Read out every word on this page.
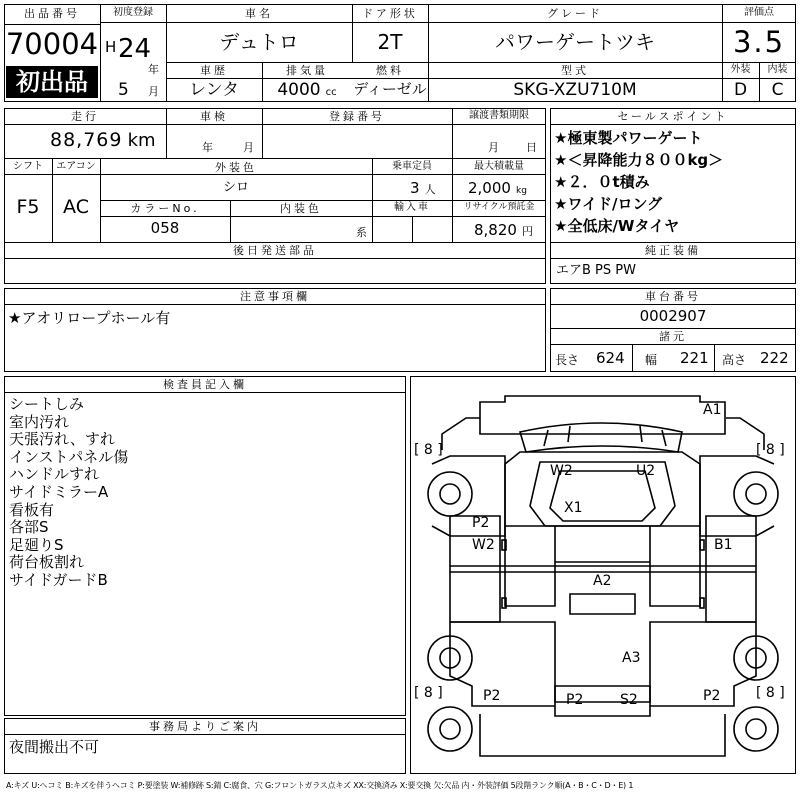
出品番号
70004
初出品
初度登録
H 24
年
5 月
車名
デュトロ
ドア形状
2T
グレード
パワーゲートツキ
車歴
レンタ
排気量
4000 cc
燃料
ディーゼル
型式
SKG-XZU710M
評価点
3.5
外装	内装
D	C
走行
88,769 km
車検
年	月
登録番号	譲渡書類期限
月 日
シフト	エアコン
F5	AC
外装色
シロ
乗車定員
3 人
最大積載量
2,000 kg
カラーNo.
058
内装色
系
輸入車	リサイクル預託金
8,820 円
後日発送部品
セールスポイント
★極東製パワーゲート
★＜昇降能力８００kg＞
★２．０t積み
★ワイド/ロング
★全低床/Wタイヤ
純正装備
エアB PS PW
注意事項欄
★アオリロープホール有
車台番号
0002907
諸元
長さ 624 幅 221 高さ 222
検査員記入欄
シートしみ
室内汚れ
天張汚れ、すれ
インストパネル傷
ハンドルすれ
サイドミラーA
看板有
各部S
足廻りS
荷台板割れ
サイドガードB
事務局よりご案内
夜間搬出不可
A1
W2	U2
X1
P2
W2	B1
A2
A3
P2	P2	S2	P2
[ 8 ]	[ 8 ]
[ 8 ]	[ 8 ]
A:キズ U:ヘコミ B:キズを伴うヘコミ P:要塗装 W:補修跡 S:錆 C:腐食、穴 G:フロントガラス点キズ XX:交換済み X:要交換 欠:欠品 内・外装評価 5段階ランク順(A・B・C・D・E) 1
